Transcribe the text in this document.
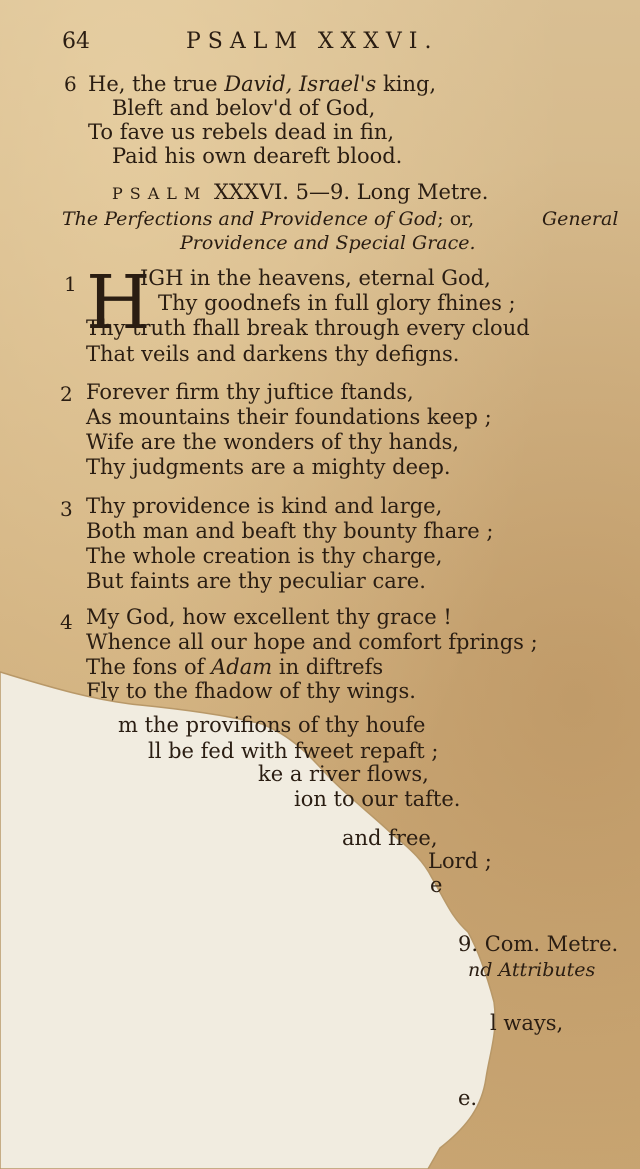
64	PSALM XXXVI.
6 He, the true David, Israel's king,
Bleft and belov'd of God,
To fave us rebels dead in fin,
Paid his own deareft blood.
PSALM XXXVI. 5—9. Long Metre.
The Perfections and Providence of God; or,	General
Providence and Special Grace.
1 H
IGH in the heavens, eternal God,
Thy goodnefs in full glory fhines ;
Thy truth fhall break through every cloud
That veils and darkens thy defigns.
2 Forever firm thy juftice ftands,
As mountains their foundations keep ;
Wife are the wonders of thy hands,
Thy judgments are a mighty deep.
3 Thy providence is kind and large,
Both man and beaft thy bounty fhare ;
The whole creation is thy charge,
But faints are thy peculiar care.
4 My God, how excellent thy grace !
Whence all our hope and comfort fprings ;
The fons of Adam in diftrefs
Fly to the fhadow of thy wings.
m the provifions of thy houfe
ll be fed with fweet repaft ;
ke a river flows,
ion to our tafte.
and free,
Lord ;
e
9. Com. Metre.
nd Attributes
l ways,
e.
